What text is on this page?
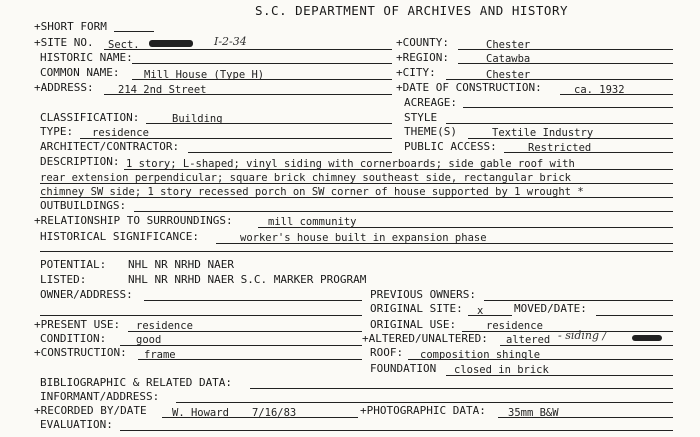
S.C. DEPARTMENT OF ARCHIVES AND HISTORY
+SHORT FORM
+SITE NO. Sect.	I-2-34	+COUNTY:	Chester
HISTORIC NAME:	+REGION:	Catawba
COMMON NAME: Mill House (Type H)	+CITY:	Chester
+ADDRESS: 214 2nd Street	+DATE OF CONSTRUCTION:	ca. 1932
ACREAGE:
CLASSIFICATION:	Building	STYLE
TYPE: residence	THEME(S)	Textile Industry
ARCHITECT/CONTRACTOR:	PUBLIC ACCESS:	Restricted
DESCRIPTION: 1 story; L-shaped; vinyl siding with cornerboards; side gable roof with
rear extension perpendicular; square brick chimney southeast side, rectangular brick
chimney SW side; 1 story recessed porch on SW corner of house supported by 1 wrought *
OUTBUILDINGS:
+RELATIONSHIP TO SURROUNDINGS:	mill community
HISTORICAL SIGNIFICANCE:	worker's house built in expansion phase
POTENTIAL: NHL NR NRHD NAER
LISTED:	NHL NR NRHD NAER S.C. MARKER PROGRAM
OWNER/ADDRESS:	PREVIOUS OWNERS:
ORIGINAL SITE: x	MOVED/DATE:
+PRESENT USE: residence	ORIGINAL USE:	residence
CONDITION:	good	+ALTERED/UNALTERED: altered - siding /
+CONSTRUCTION: frame	ROOF: composition shingle
FOUNDATION closed in brick
BIBLIOGRAPHIC & RELATED DATA:
INFORMANT/ADDRESS:
+RECORDED BY/DATE W. Howard 7/16/83	+PHOTOGRAPHIC DATA: 35mm B&W
EVALUATION:
